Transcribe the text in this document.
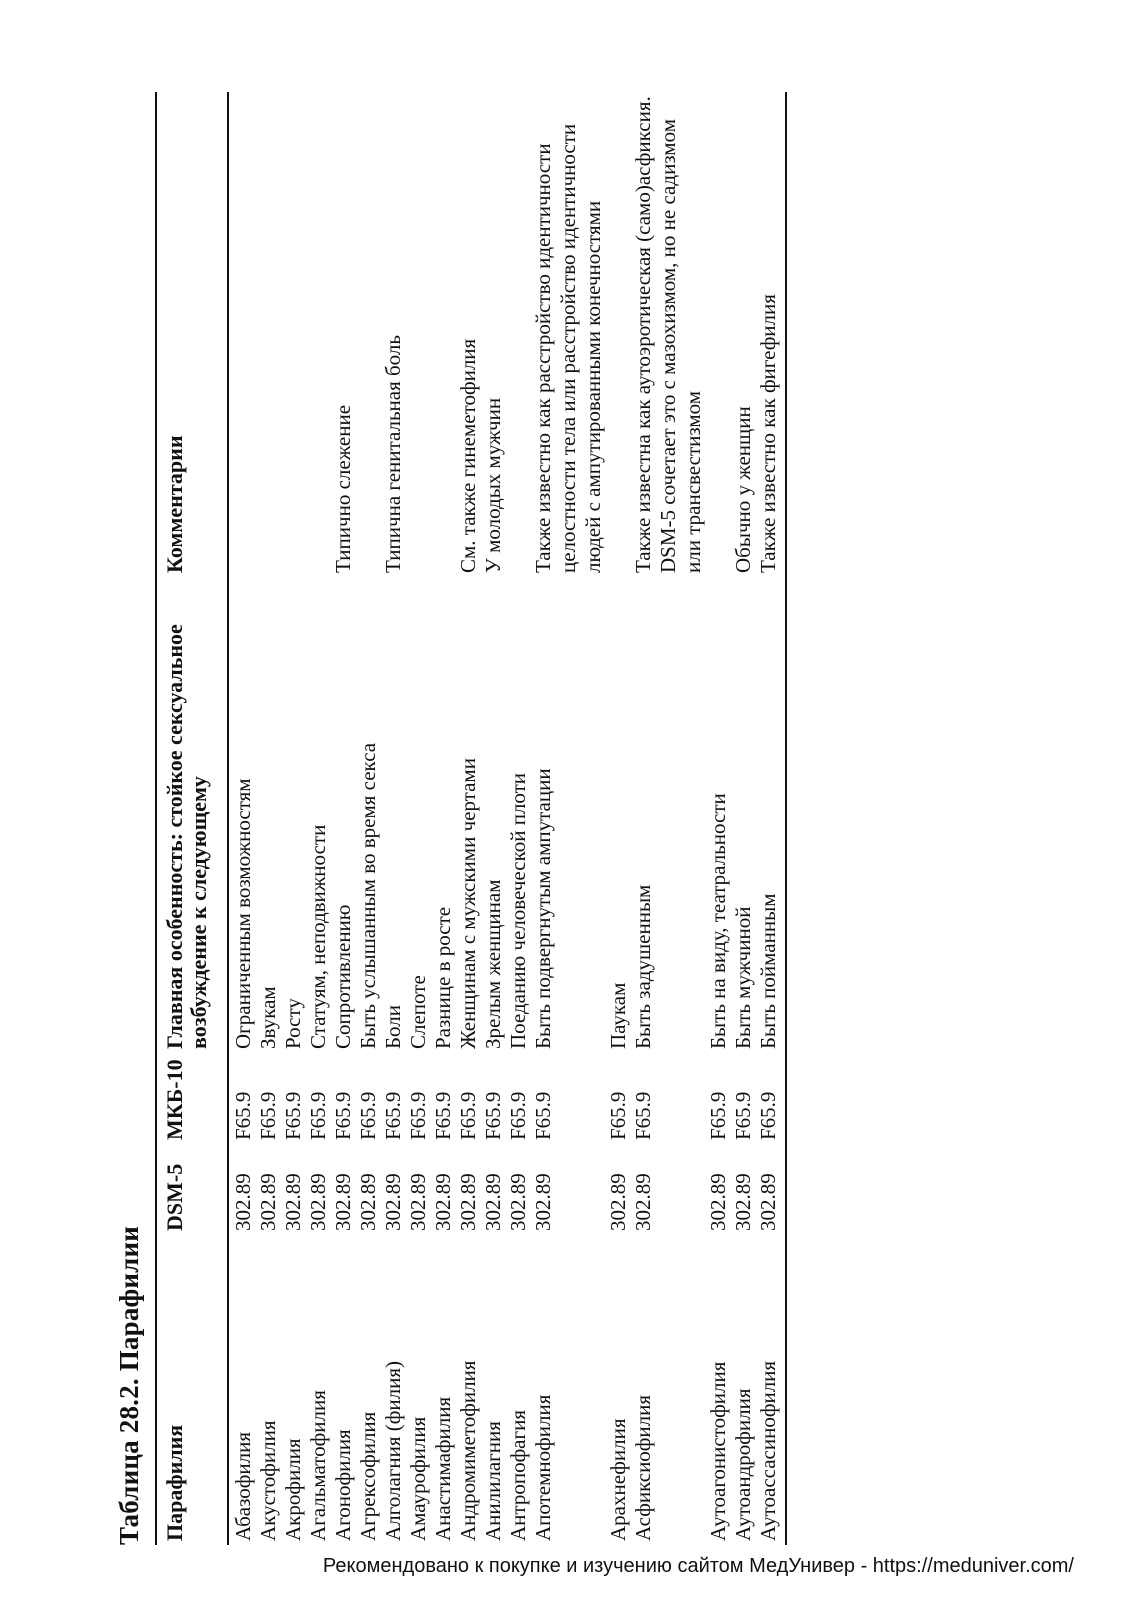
Таблица 28.2. Парафилии Парафилия	DSM-5	МКБ-10	Главная особенность: стойкое сексуальное возбуждение к следующему	Комментарии
Абазофилия	302.89	F65.9	Ограниченным возможностям	
Акустофилия	302.89	F65.9	Звукам	
Акрофилия	302.89	F65.9	Росту	
Агальматофилия	302.89	F65.9	Статуям, неподвижности	
Агонофилия	302.89	F65.9	Сопротивлению	Типично слежение
Агрексофилия	302.89	F65.9	Быть услышанным во время секса	
Алголагния (филия)	302.89	F65.9	Боли	Типична генитальная боль
Амаурофилия	302.89	F65.9	Слепоте	
Анастимафилия	302.89	F65.9	Разнице в росте	
Андромиметофилия	302.89	F65.9	Женщинам с мужскими чертами	См. также гинеметофилия
Анилилагния	302.89	F65.9	Зрелым женщинам	У молодых мужчин
Антропофагия	302.89	F65.9	Поеданию человеческой плоти	
Апотемнофилия	302.89	F65.9	Быть подвергнутым ампутации	Также известно как расстройство идентичности целостности тела или расстройство идентичности людей с ампутированными конечностями
Арахнефилия	302.89	F65.9	Паукам	
Асфиксиофилия	302.89	F65.9	Быть задушенным	Также известна как аутоэротическая (само)асфиксия. DSM-5 сочетает это с мазохизмом, но не садизмом или трансвестизмом
Аутоагонистофилия	302.89	F65.9	Быть на виду, театральности	
Аутоандрофилия	302.89	F65.9	Быть мужчиной	Обычно у женщин
Аутоассасинофилия	302.89	F65.9	Быть пойманным	Также известно как фигефилия
Рекомендовано к покупке и изучению сайтом МедУнивер - https://meduniver.com/
